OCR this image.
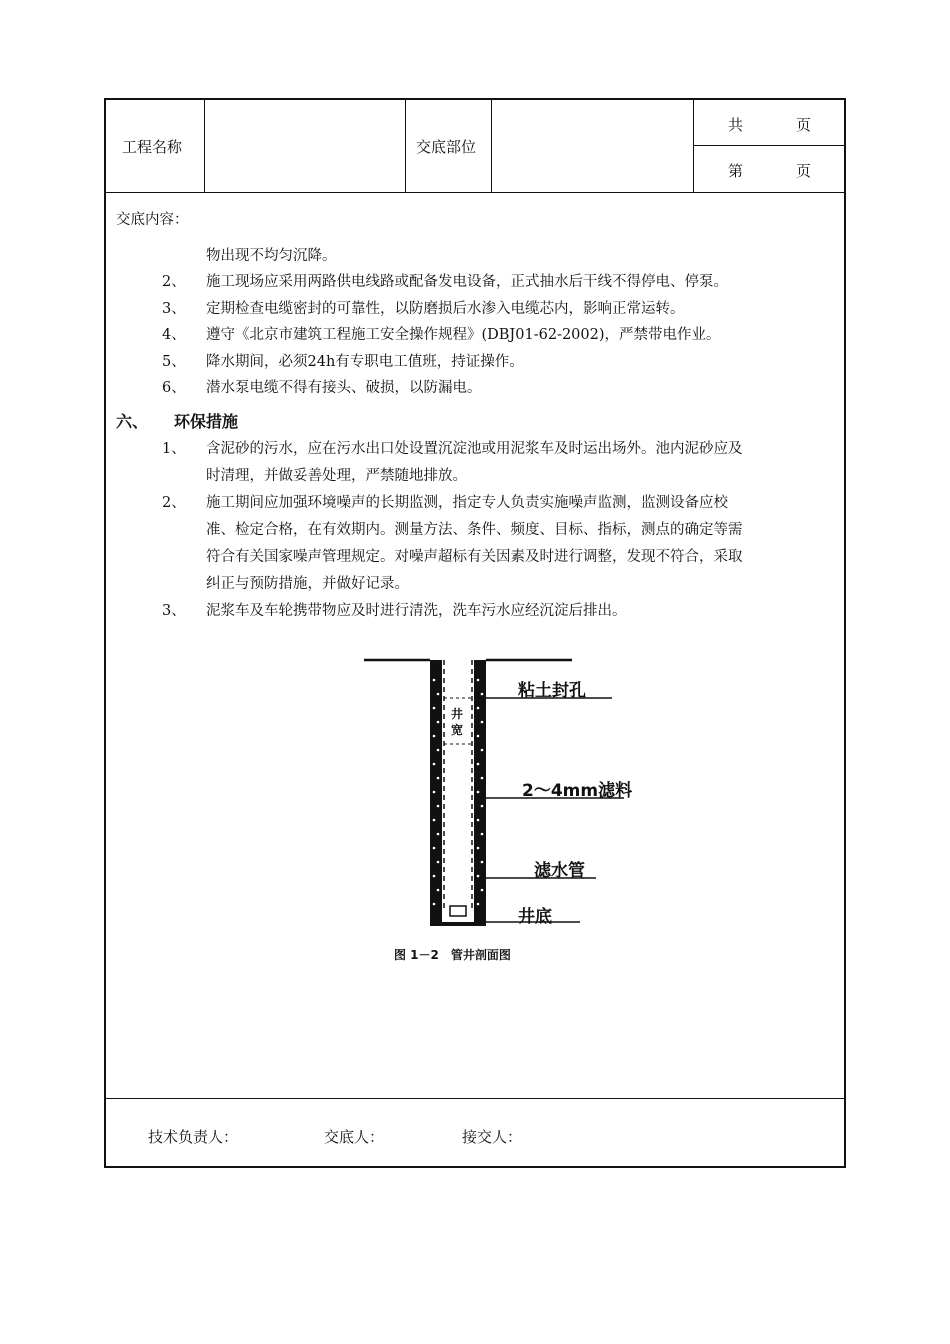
工程名称	交底部位
共	页
第	页
交底内容：
物出现不均匀沉降。
2、 施工现场应采用两路供电线路或配备发电设备，正式抽水后干线不得停电、停泵。
3、 定期检查电缆密封的可靠性，以防磨损后水渗入电缆芯内，影响正常运转。
4、 遵守《北京市建筑工程施工安全操作规程》(DBJ01-62-2002)，严禁带电作业。
5、 降水期间，必须24h有专职电工值班，持证操作。
6、 潜水泵电缆不得有接头、破损，以防漏电。
六、 环保措施
1、 含泥砂的污水，应在污水出口处设置沉淀池或用泥浆车及时运出场外。池内泥砂应及
时清理，并做妥善处理，严禁随地排放。
2、 施工期间应加强环境噪声的长期监测，指定专人负责实施噪声监测，监测设备应校
准、检定合格，在有效期内。测量方法、条件、频度、目标、指标，测点的确定等需
符合有关国家噪声管理规定。对噪声超标有关因素及时进行调整，发现不符合，采取
纠正与预防措施，并做好记录。
3、 泥浆车及车轮携带物应及时进行清洗，洗车污水应经沉淀后排出。
技术负责人：	交底人：	接交人：
井
宽
粘土封孔
2～4mm滤料
滤水管
井底
图 1－2　管井剖面图
